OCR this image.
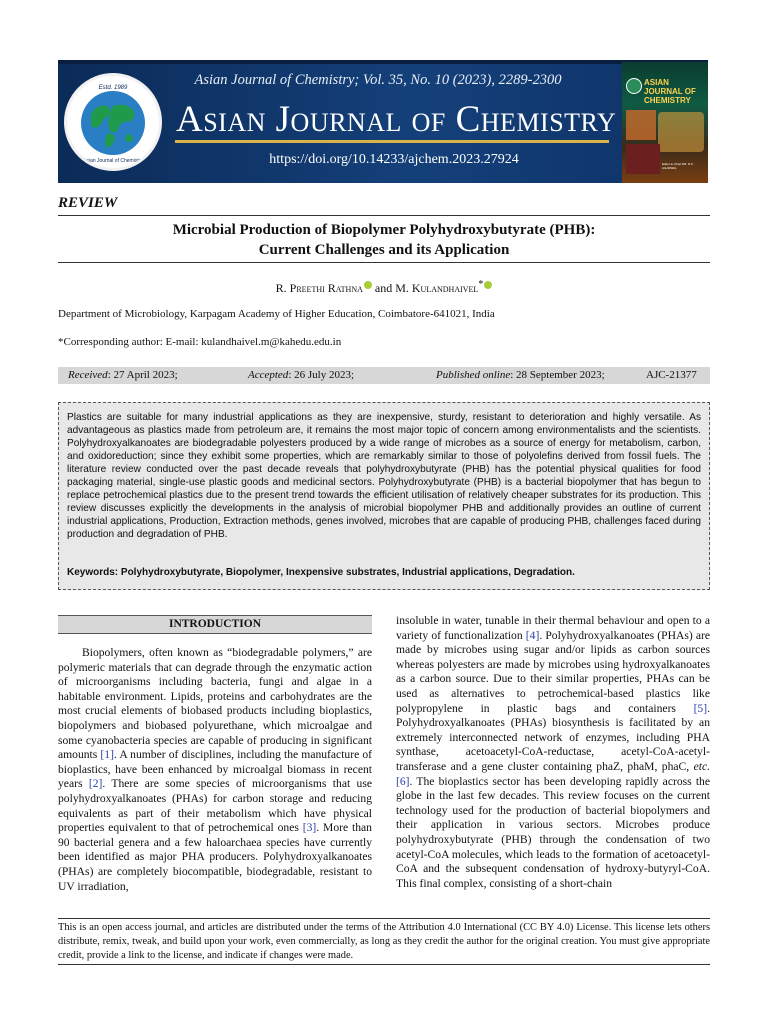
Estd. 1989
Asian Journal of Chemistry
Asian Journal of Chemistry; Vol. 35, No. 10 (2023), 2289-2300
Asian Journal of Chemistry
https://doi.org/10.14233/ajchem.2023.27924
ASIAN JOURNAL OF CHEMISTRY
Editor-in-Chief DR. R.K. AGARWAL
REVIEW
Microbial Production of Biopolymer Polyhydroxybutyrate (PHB):
Current Challenges and its Application
R. Preethi Rathna and M. Kulandhaivel*
Department of Microbiology, Karpagam Academy of Higher Education, Coimbatore-641021, India
*Corresponding author: E-mail: kulandhaivel.m@kahedu.edu.in
Received: 27 April 2023;	Accepted: 26 July 2023;	Published online: 28 September 2023;	AJC-21377
Plastics are suitable for many industrial applications as they are inexpensive, sturdy, resistant to deterioration and highly versatile. As advantageous as plastics made from petroleum are, it remains the most major topic of concern among environmentalists and the scientists. Polyhydroxyalkanoates are biodegradable polyesters produced by a wide range of microbes as a source of energy for metabolism, carbon, and oxidoreduction; since they exhibit some properties, which are remarkably similar to those of polyolefins derived from fossil fuels. The literature review conducted over the past decade reveals that polyhydroxybutyrate (PHB) has the potential physical qualities for food packaging material, single-use plastic goods and medicinal sectors. Polyhydroxybutyrate (PHB) is a bacterial biopolymer that has begun to replace petrochemical plastics due to the present trend towards the efficient utilisation of relatively cheaper substrates for its production. This review discusses explicitly the developments in the analysis of microbial biopolymer PHB and additionally provides an outline of current industrial applications, Production, Extraction methods, genes involved, microbes that are capable of producing PHB, challenges faced during production and degradation of PHB.
Keywords: Polyhydroxybutyrate, Biopolymer, Inexpensive substrates, Industrial applications, Degradation.
INTRODUCTION

Biopolymers, often known as “biodegradable polymers,” are polymeric materials that can degrade through the enzymatic action of microorganisms including bacteria, fungi and algae in a habitable environment. Lipids, proteins and carbohydrates are the most crucial elements of biobased products including bioplastics, biopolymers and biobased polyurethane, which microalgae and some cyanobacteria species are capable of producing in significant amounts [1]. A number of disciplines, including the manufacture of bioplastics, have been enhanced by microalgal biomass in recent years [2]. There are some species of microorganisms that use polyhydroxyalkanoates (PHAs) for carbon storage and reducing equivalents as part of their metabolism which have physical properties equivalent to that of petrochemical ones [3]. More than 90 bacterial genera and a few haloarchaea species have currently been identified as major PHA producers. Polyhydroxyalkanoates (PHAs) are completely biocompatible, biodegradable, resistant to UV irradiation,

insoluble in water, tunable in their thermal behaviour and open to a variety of functionalization [4]. Polyhydroxyalkanoates (PHAs) are made by microbes using sugar and/or lipids as carbon sources whereas polyesters are made by microbes using hydroxyalkanoates as a carbon source. Due to their similar properties, PHAs can be used as alternatives to petrochemical-based plastics like polypropylene in plastic bags and containers [5]. Polyhydroxyalkanoates (PHAs) biosynthesis is facilitated by an extremely interconnected network of enzymes, including PHA synthase, acetoacetyl-CoA-reductase, acetyl-CoA-acetyl-transferase and a gene cluster containing phaZ, phaM, phaC, etc. [6]. The bioplastics sector has been developing rapidly across the globe in the last few decades. This review focuses on the current technology used for the production of bacterial biopolymers and their application in various sectors. Microbes produce polyhydroxybutyrate (PHB) through the condensation of two acetyl-CoA molecules, which leads to the formation of acetoacetyl-CoA and the subsequent condensation of hydroxy-butyryl-CoA. This final complex, consisting of a short-chain

This is an open access journal, and articles are distributed under the terms of the Attribution 4.0 International (CC BY 4.0) License. This license lets others distribute, remix, tweak, and build upon your work, even commercially, as long as they credit the author for the original creation. You must give appropriate credit, provide a link to the license, and indicate if changes were made.
